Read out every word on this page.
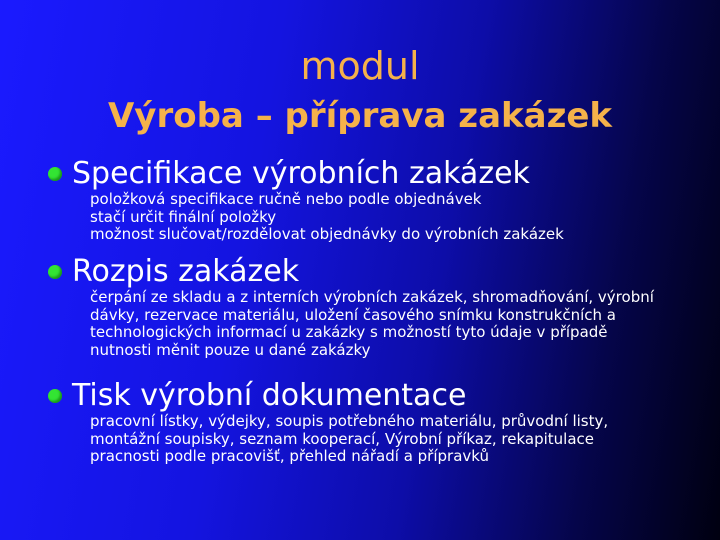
modul
Výroba – příprava zakázek
Specifikace výrobních zakázek
položková specifikace ručně nebo podle objednávek
stačí určit finální položky
možnost slučovat/rozdělovat objednávky do výrobních zakázek
Rozpis zakázek
čerpání ze skladu a z interních výrobních zakázek, shromadňování, výrobní
dávky, rezervace materiálu, uložení časového snímku konstrukčních a
technologických informací u zakázky s možností tyto údaje v případě
nutnosti měnit pouze u dané zakázky
Tisk výrobní dokumentace
pracovní lístky, výdejky, soupis potřebného materiálu, průvodní listy,
montážní soupisky, seznam kooperací, Výrobní příkaz, rekapitulace
pracnosti podle pracovišť, přehled nářadí a přípravků
